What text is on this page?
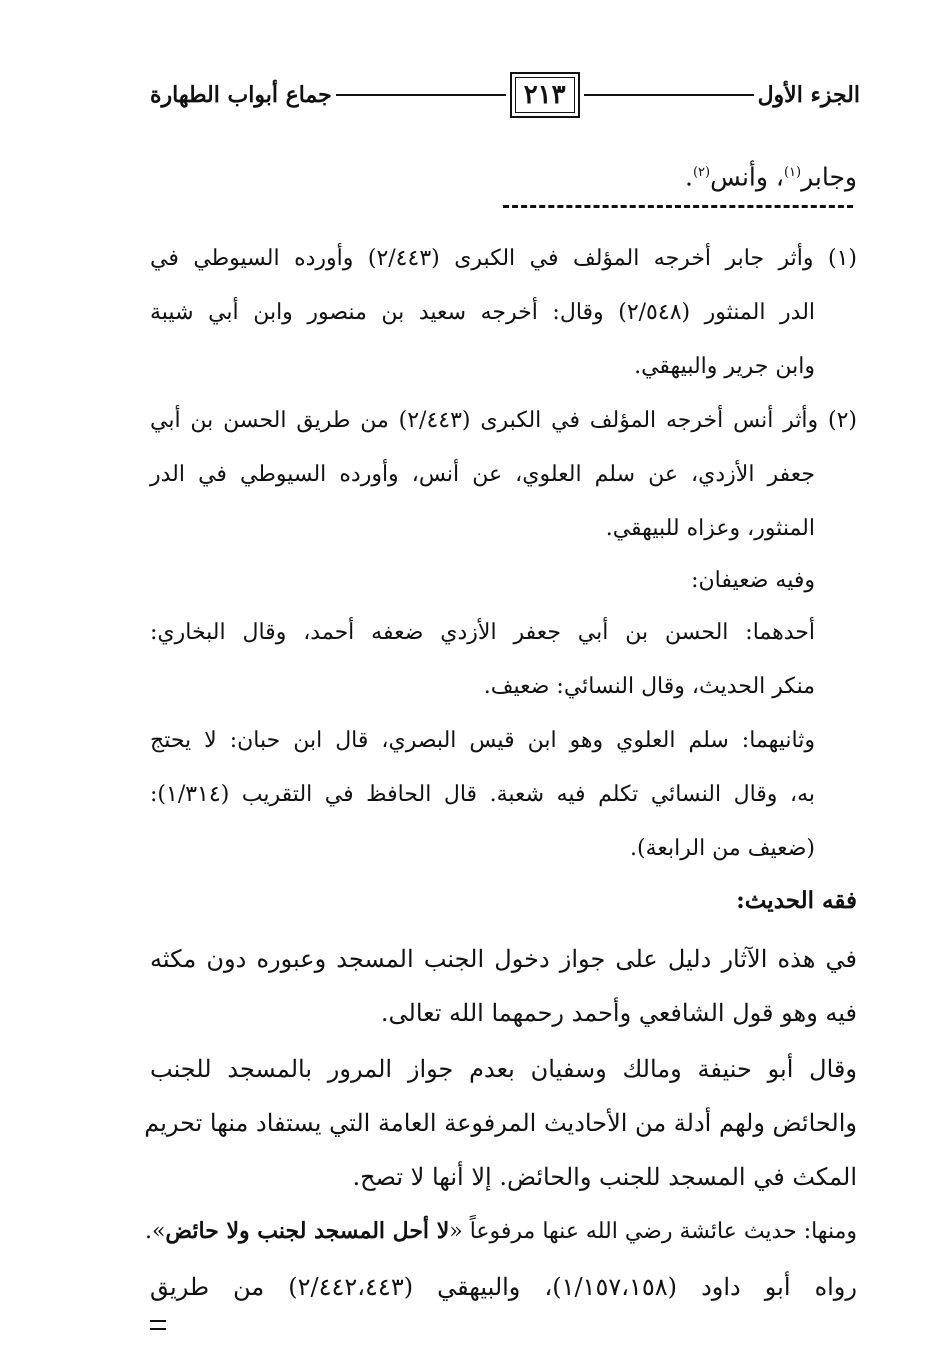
الجزء الأول
٢١٣
جماع أبواب الطهارة
وجابر$^{(١)}$، وأنس$^{(٢)}$.
(١) وأثر جابر أخرجه المؤلف في الكبرى (٢/٤٤٣) وأورده السيوطي في
الدر المنثور (٢/٥٤٨) وقال: أخرجه سعيد بن منصور وابن أبي شيبة
وابن جرير والبيهقي.
(٢) وأثر أنس أخرجه المؤلف في الكبرى (٢/٤٤٣) من طريق الحسن بن أبي
جعفر الأزدي، عن سلم العلوي، عن أنس، وأورده السيوطي في الدر
المنثور، وعزاه للبيهقي.
وفيه ضعيفان:
أحدهما: الحسن بن أبي جعفر الأزدي ضعفه أحمد، وقال البخاري:
منكر الحديث، وقال النسائي: ضعيف.
وثانيهما: سلم العلوي وهو ابن قيس البصري، قال ابن حبان: لا يحتج
به، وقال النسائي تكلم فيه شعبة. قال الحافظ في التقريب (١/٣١٤):
(ضعيف من الرابعة).
فقه الحديث:
في هذه الآثار دليل على جواز دخول الجنب المسجد وعبوره دون مكثه
فيه وهو قول الشافعي وأحمد رحمهما الله تعالى.
وقال أبو حنيفة ومالك وسفيان بعدم جواز المرور بالمسجد للجنب
والحائض ولهم أدلة من الأحاديث المرفوعة العامة التي يستفاد منها تحريم
المكث في المسجد للجنب والحائض. إلا أنها لا تصح.
ومنها: حديث عائشة رضي الله عنها مرفوعاً «لا أحل المسجد لجنب ولا حائض».
رواه أبو داود (١/١٥٧،١٥٨)، والبيهقي (٢/٤٤٢،٤٤٣) من طريق
